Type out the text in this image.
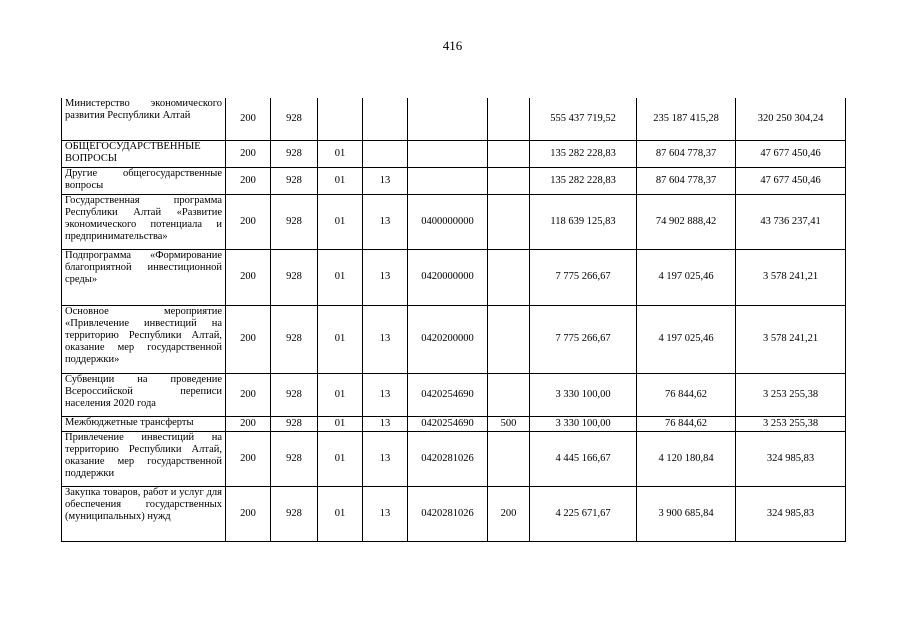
416
Министерство экономического развития Республики Алтай	200	928					555 437 719,52	235 187 415,28	320 250 304,24
ОБЩЕГОСУДАРСТВЕННЫЕ ВОПРОСЫ	200	928	01				135 282 228,83	87 604 778,37	47 677 450,46
Другие общегосударственные вопросы	200	928	01	13			135 282 228,83	87 604 778,37	47 677 450,46
Государственная программа Республики Алтай «Развитие экономического потенциала и предпринимательства»	200	928	01	13	0400000000		118 639 125,83	74 902 888,42	43 736 237,41
Подпрограмма «Формирование благоприятной инвестиционной среды»	200	928	01	13	0420000000		7 775 266,67	4 197 025,46	3 578 241,21
Основное мероприятие «Привлечение инвестиций на территорию Республики Алтай, оказание мер государственной поддержки»	200	928	01	13	0420200000		7 775 266,67	4 197 025,46	3 578 241,21
Субвенции на проведение Всероссийской переписи населения 2020 года	200	928	01	13	0420254690		3 330 100,00	76 844,62	3 253 255,38
Межбюджетные трансферты	200	928	01	13	0420254690	500	3 330 100,00	76 844,62	3 253 255,38
Привлечение инвестиций на территорию Республики Алтай, оказание мер государственной поддержки	200	928	01	13	0420281026		4 445 166,67	4 120 180,84	324 985,83
Закупка товаров, работ и услуг для обеспечения государственных (муниципальных) нужд	200	928	01	13	0420281026	200	4 225 671,67	3 900 685,84	324 985,83
